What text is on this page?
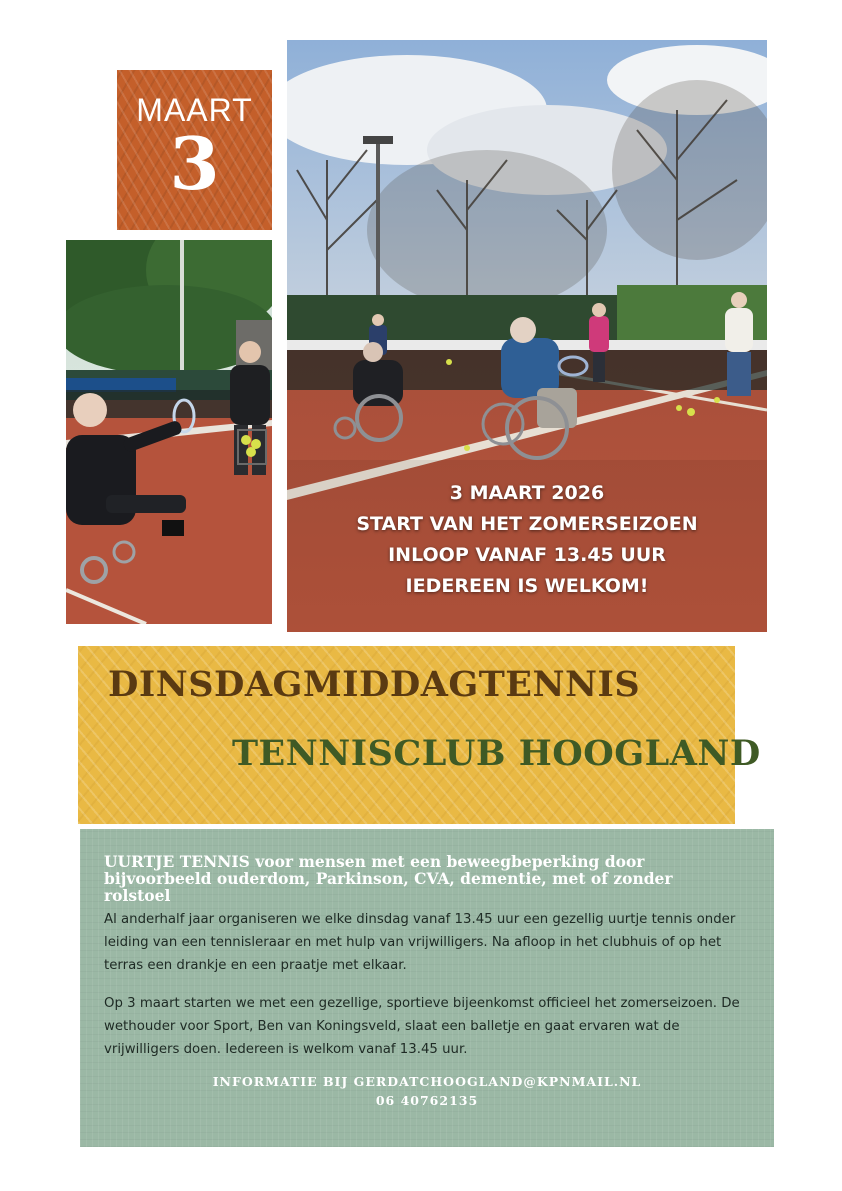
MAART
3
3 MAART 2026
START VAN HET ZOMERSEIZOEN
INLOOP VANAF 13.45 UUR
IEDEREEN IS WELKOM!
DINSDAGMIDDAGTENNIS
TENNISCLUB HOOGLAND
UURTJE TENNIS voor mensen met een beweegbeperking door bijvoorbeeld ouderdom, Parkinson, CVA, dementie, met of zonder rolstoel
Al anderhalf jaar organiseren we elke dinsdag vanaf 13.45 uur een gezellig uurtje tennis onder leiding van een tennisleraar en met hulp van vrijwilligers. Na afloop in het clubhuis of op het terras een drankje en een praatje met elkaar.
Op 3 maart starten we met een gezellige, sportieve bijeenkomst officieel het zomerseizoen. De wethouder voor Sport, Ben van Koningsveld, slaat een balletje en gaat ervaren wat de vrijwilligers doen. Iedereen is welkom vanaf 13.45 uur.
INFORMATIE BIJ GERDATCHOOGLAND@KPNMAIL.NL
06 40762135
